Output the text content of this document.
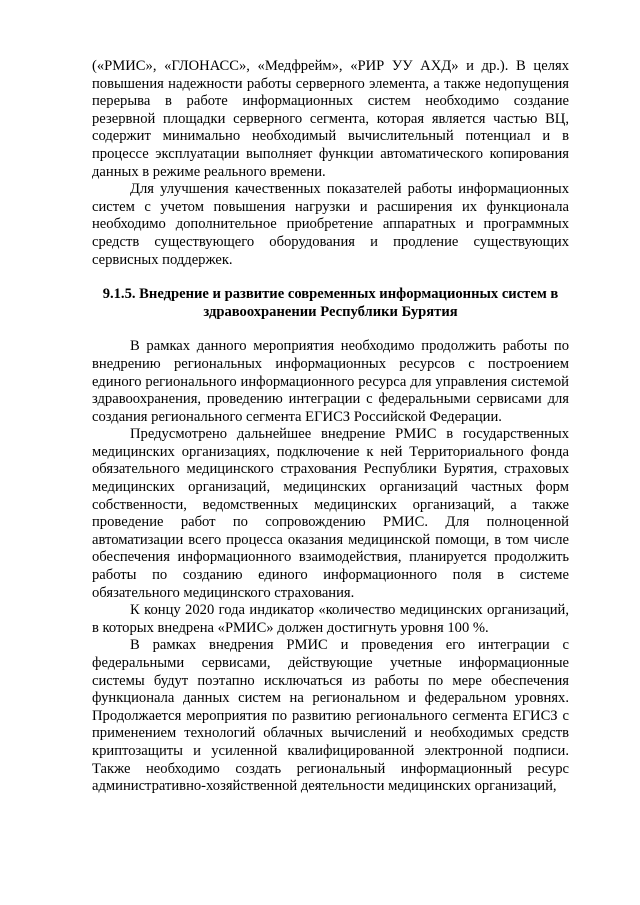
(«РМИС», «ГЛОНАСС», «Медфрейм», «РИР УУ АХД» и др.). В целях повышения надежности работы серверного элемента, а также недопущения перерыва в работе информационных систем необходимо создание резервной площадки серверного сегмента, которая является частью ВЦ, содержит минимально необходимый вычислительный потенциал и в процессе эксплуатации выполняет функции автоматического копирования данных в режиме реального времени.

Для улучшения качественных показателей работы информационных систем с учетом повышения нагрузки и расширения их функционала необходимо дополнительное приобретение аппаратных и программных средств существующего оборудования и продление существующих сервисных поддержек.

9.1.5. Внедрение и развитие современных информационных систем в здравоохранении Республики Бурятия

В рамках данного мероприятия необходимо продолжить работы по внедрению региональных информационных ресурсов с построением единого регионального информационного ресурса для управления системой здравоохранения, проведению интеграции с федеральными сервисами для создания регионального сегмента ЕГИСЗ Российской Федерации.

Предусмотрено дальнейшее внедрение РМИС в государственных медицинских организациях, подключение к ней Территориального фонда обязательного медицинского страхования Республики Бурятия, страховых медицинских организаций, медицинских организаций частных форм собственности, ведомственных медицинских организаций, а также проведение работ по сопровождению РМИС. Для полноценной автоматизации всего процесса оказания медицинской помощи, в том числе обеспечения информационного взаимодействия, планируется продолжить работы по созданию единого информационного поля в системе обязательного медицинского страхования.

К концу 2020 года индикатор «количество медицинских организаций, в которых внедрена «РМИС» должен достигнуть уровня 100 %.

В рамках внедрения РМИС и проведения его интеграции с федеральными сервисами, действующие учетные информационные системы будут поэтапно исключаться из работы по мере обеспечения функционала данных систем на региональном и федеральном уровнях. Продолжается мероприятия по развитию регионального сегмента ЕГИСЗ с применением технологий облачных вычислений и необходимых средств криптозащиты и усиленной квалифицированной электронной подписи. Также необходимо создать региональный информационный ресурс административно-хозяйственной деятельности медицинских организаций,
